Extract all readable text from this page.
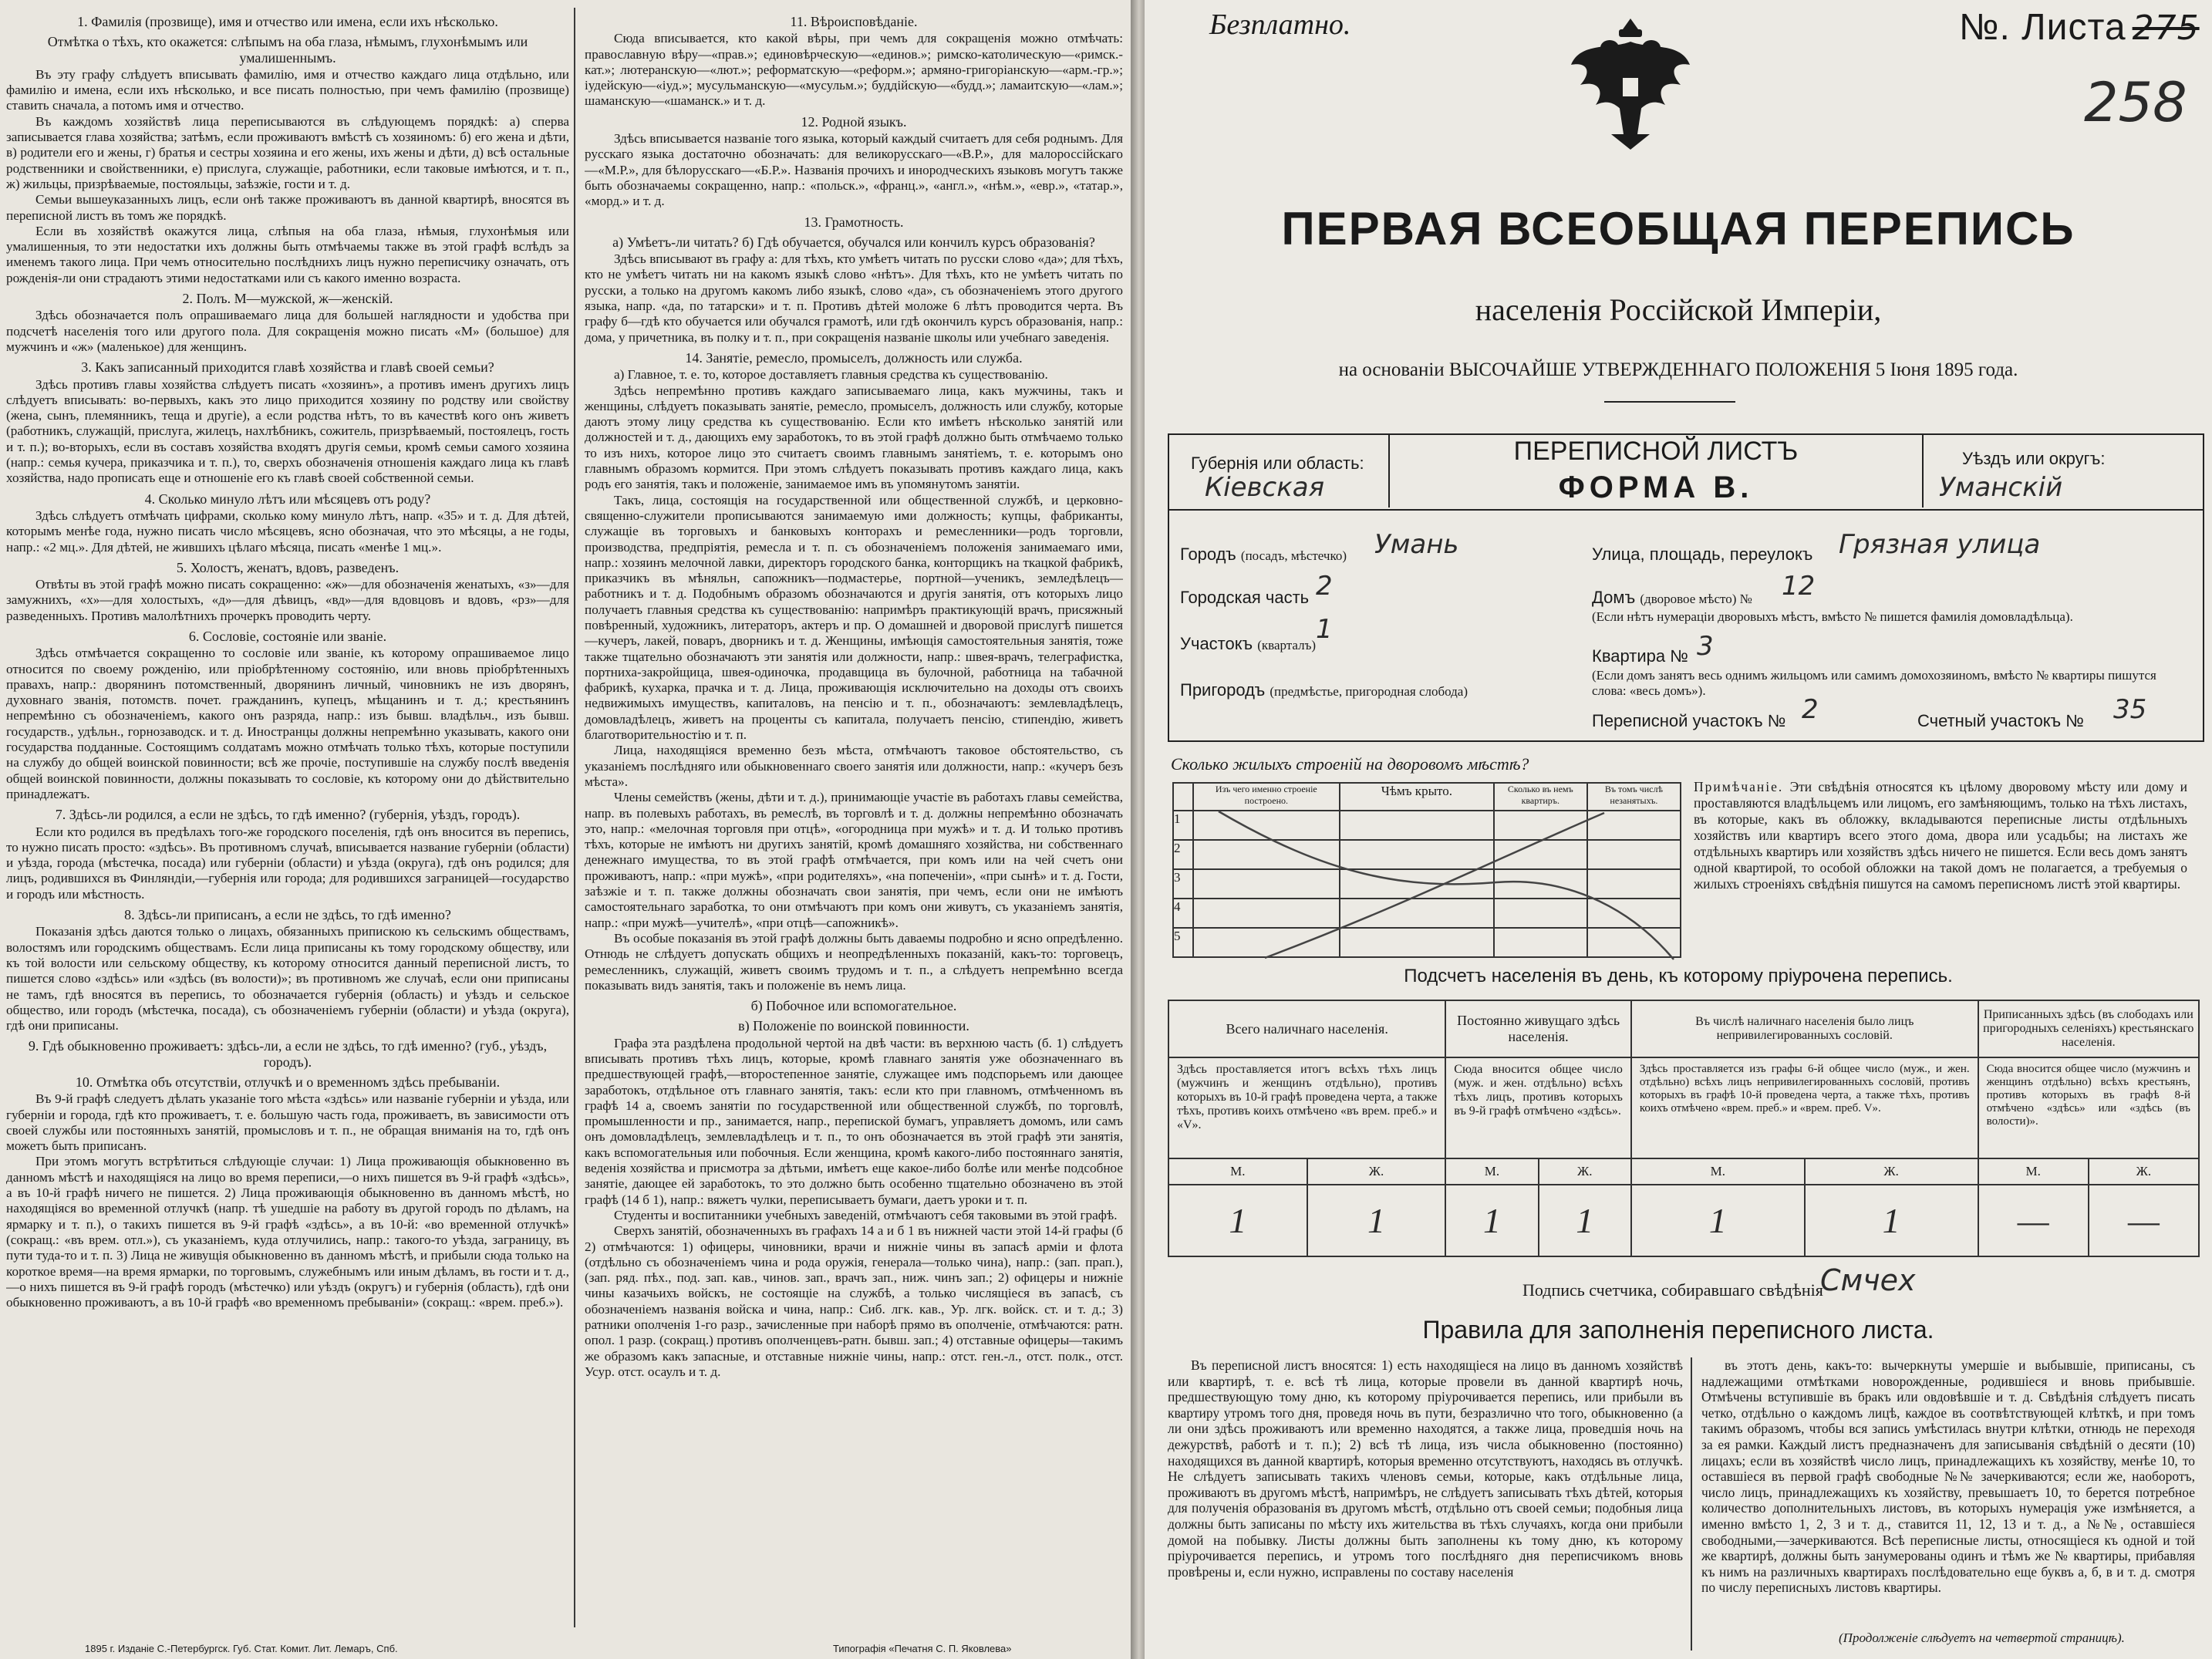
1. Фамилія (прозвище), имя и отчество или имена, если ихъ нѣсколько.
Отмѣтка о тѣхъ, кто окажется: слѣпымъ на оба глаза, нѣмымъ, глухонѣмымъ или умалишеннымъ.

Въ эту графу слѣдуетъ вписывать фамилію, имя и отчество каждаго лица отдѣльно, или фамилію и имена, если ихъ нѣсколько, и все писать полностью, при чемъ фамилію (прозвище) ставить сначала, а потомъ имя и отчество.

Въ каждомъ хозяйствѣ лица переписываются въ слѣдующемъ порядкѣ: а) сперва записывается глава хозяйства; затѣмъ, если проживаютъ вмѣстѣ съ хозяиномъ: б) его жена и дѣти, в) родители его и жены, г) братья и сестры хозяина и его жены, ихъ жены и дѣти, д) всѣ остальные родственники и свойственники, е) прислуга, служащіе, работники, если таковые имѣются, и т. п., ж) жильцы, призрѣваемые, постояльцы, заѣзжіе, гости и т. д.

Семьи вышеуказанныхъ лицъ, если онѣ также проживаютъ въ данной квартирѣ, вносятся въ переписной листъ въ томъ же порядкѣ.

Если въ хозяйствѣ окажутся лица, слѣпыя на оба глаза, нѣмыя, глухонѣмыя или умалишенныя, то эти недостатки ихъ должны быть отмѣчаемы также въ этой графѣ вслѣдъ за именемъ такого лица. При чемъ относительно послѣднихъ лицъ нужно переписчику означать, отъ рожденія-ли они страдаютъ этими недостатками или съ какого именно возраста.

2. Полъ. М—мужской, ж—женскій.

Здѣсь обозначается полъ опрашиваемаго лица для большей наглядности и удобства при подсчетѣ населенія того или другого пола. Для сокращенія можно писать «М» (большое) для мужчинъ и «ж» (маленькое) для женщинъ.

3. Какъ записанный приходится главѣ хозяйства и главѣ своей семьи?

Здѣсь противъ главы хозяйства слѣдуетъ писать «хозяинъ», а противъ именъ другихъ лицъ слѣдуетъ вписывать: во-первыхъ, какъ это лицо приходится хозяину по родству или свойству (жена, сынъ, племянникъ, теща и другіе), а если родства нѣтъ, то въ качествѣ кого онъ живетъ (работникъ, служащій, прислуга, жилецъ, нахлѣбникъ, сожитель, призрѣваемый, постоялецъ, гость и т. п.); во-вторыхъ, если въ составъ хозяйства входятъ другія семьи, кромѣ семьи самого хозяина (напр.: семья кучера, приказчика и т. п.), то, сверхъ обозначенія отношенія каждаго лица къ главѣ хозяйства, надо прописать еще и отношеніе его къ главѣ своей собственной семьи.

4. Сколько минуло лѣтъ или мѣсяцевъ отъ роду?

Здѣсь слѣдуетъ отмѣчать цифрами, сколько кому минуло лѣтъ, напр. «35» и т. д. Для дѣтей, которымъ менѣе года, нужно писать число мѣсяцевъ, ясно обозначая, что это мѣсяцы, а не годы, напр.: «2 мц.». Для дѣтей, не жившихъ цѣлаго мѣсяца, писать «менѣе 1 мц.».

5. Холостъ, женатъ, вдовъ, разведенъ.

Отвѣты въ этой графѣ можно писать сокращенно: «ж»—для обозначенія женатыхъ, «з»—для замужнихъ, «х»—для холостыхъ, «д»—для дѣвицъ, «вд»—для вдовцовъ и вдовъ, «рз»—для разведенныхъ. Противъ малолѣтнихъ прочеркъ проводить черту.

6. Сословіе, состояніе или званіе.

Здѣсь отмѣчается сокращенно то сословіе или званіе, къ которому опрашиваемое лицо относится по своему рожденію, или пріобрѣтенному состоянію, или вновь пріобрѣтенныхъ правахъ, напр.: дворянинъ потомственный, дворянинъ личный, чиновникъ не изъ дворянъ, духовнаго званія, потомств. почет. гражданинъ, купецъ, мѣщанинъ и т. д.; крестьянинъ непремѣнно съ обозначеніемъ, какого онъ разряда, напр.: изъ бывш. владѣльч., изъ бывш. государств., удѣльн., горнозаводск. и т. д. Иностранцы должны непремѣнно указывать, какого они государства подданные. Состоящимъ солдатамъ можно отмѣчать только тѣхъ, которые поступили на службу до общей воинской повинности; всѣ же прочіе, поступившіе на службу послѣ введенія общей воинской повинности, должны показывать то сословіе, къ которому они до дѣйствительно принадлежатъ.

7. Здѣсь-ли родился, а если не здѣсь, то гдѣ именно? (губернія, уѣздъ, городъ).

Если кто родился въ предѣлахъ того-же городского поселенія, гдѣ онъ вносится въ перепись, то нужно писать просто: «здѣсь». Въ противномъ случаѣ, вписывается название губерніи (области) и уѣзда, города (мѣстечка, посада) или губерніи (области) и уѣзда (округа), гдѣ онъ родился; для лицъ, родившихся въ Финляндіи,—губернія или города; для родившихся заграницей—государство и городъ или мѣстность.

8. Здѣсь-ли приписанъ, а если не здѣсь, то гдѣ именно?

Показанія здѣсь даются только о лицахъ, обязанныхъ припискою къ сельскимъ обществамъ, волостямъ или городскимъ обществамъ. Если лица приписаны къ тому городскому обществу, или къ той волости или сельскому обществу, къ которому относится данный переписной листъ, то пишется слово «здѣсь» или «здѣсь (въ волости)»; въ противномъ же случаѣ, если они приписаны не тамъ, гдѣ вносятся въ перепись, то обозначается губернія (область) и уѣздъ и сельское общество, или городъ (мѣстечка, посада), съ обозначеніемъ губерніи (области) и уѣзда (округа), гдѣ они приписаны.

9. Гдѣ обыкновенно проживаетъ: здѣсь-ли, а если не здѣсь, то гдѣ именно? (губ., уѣздъ, городъ).
10. Отмѣтка объ отсутствіи, отлучкѣ и о временномъ здѣсь пребываніи.

Въ 9-й графѣ следуетъ дѣлать указаніе того мѣста «здѣсь» или названіе губерніи и уѣзда, или губерніи и города, гдѣ кто проживаетъ, т. е. большую часть года, проживаетъ, въ зависимости отъ своей службы или постоянныхъ занятій, промысловъ и т. п., не обращая вниманія на то, гдѣ онъ можетъ быть приписанъ.

При этомъ могутъ встрѣтиться слѣдующіе случаи: 1) Лица проживающія обыкновенно въ данномъ мѣстѣ и находящіяся на лицо во время переписи,—о нихъ пишется въ 9-й графѣ «здѣсь», а въ 10-й графѣ ничего не пишется. 2) Лица проживающія обыкновенно въ данномъ мѣстѣ, но находящіяся во временной отлучкѣ (напр. тѣ ушедшіе на работу въ другой городъ по дѣламъ, на ярмарку и т. п.), о такихъ пишется въ 9-й графѣ «здѣсь», а въ 10-й: «во временной отлучкѣ» (сокращ.: «въ врем. отл.»), съ указаніемъ, куда отлучились, напр.: такого-то уѣзда, заграницу, въ пути туда-то и т. п. 3) Лица не живущія обыкновенно въ данномъ мѣстѣ, и прибыли сюда только на короткое время—на время ярмарки, по торговымъ, служебнымъ или иным дѣламъ, въ гости и т. д.,—о нихъ пишется въ 9-й графѣ городъ (мѣстечко) или уѣздъ (округъ) и губернія (область), гдѣ они обыкновенно проживаютъ, а въ 10-й графѣ «во временномъ пребываніи» (сокращ.: «врем. преб.»).

11. Вѣроисповѣданіе.

Сюда вписывается, кто какой вѣры, при чемъ для сокращенія можно отмѣчать: православную вѣру—«прав.»; единовѣрческую—«единов.»; римско-католическую—«римск.-кат.»; лютеранскую—«лют.»; реформатскую—«реформ.»; армяно-григоріанскую—«арм.-гр.»; іудейскую—«іуд.»; мусульманскую—«мусульм.»; буддійскую—«будд.»; ламаитскую—«лам.»; шаманскую—«шаманск.» и т. д.

12. Родной языкъ.

Здѣсь вписывается названіе того языка, который каждый считаетъ для себя роднымъ. Для русскаго языка достаточно обозначать: для великорусскаго—«В.Р.», для малороссійскаго—«М.Р.», для бѣлорусскаго—«Б.Р.». Названія прочихъ и инородческихъ языковъ могутъ также быть обозначаемы сокращенно, напр.: «польск.», «франц.», «англ.», «нѣм.», «евр.», «татар.», «морд.» и т. д.

13. Грамотность.
а) Умѣетъ-ли читать? б) Гдѣ обучается, обучался или кончилъ курсъ образованія?

Здѣсь вписывают въ графу а: для тѣхъ, кто умѣетъ читать по русски слово «да»; для тѣхъ, кто не умѣетъ читать ни на какомъ языкѣ слово «нѣтъ». Для тѣхъ, кто не умѣетъ читать по русски, а только на другомъ какомъ либо языкѣ, слово «да», съ обозначеніемъ этого другого языка, напр. «да, по татарски» и т. п. Противъ дѣтей моложе 6 лѣтъ проводится черта. Въ графу б—гдѣ кто обучается или обучался грамотѣ, или гдѣ окончилъ курсъ образованія, напр.: дома, у причетника, въ полку и т. п., при сокращенія названіе школы или учебнаго заведенія.

14. Занятіе, ремесло, промыселъ, должность или служба.

а) Главное, т. е. то, которое доставляетъ главныя средства къ существованію.

Здѣсь непремѣнно противъ каждаго записываемаго лица, какъ мужчины, такъ и женщины, слѣдуетъ показывать занятіе, ремесло, промыселъ, должность или службу, которые даютъ этому лицу средства къ существованію. Если кто имѣетъ нѣсколько занятій или должностей и т. д., дающихъ ему заработокъ, то въ этой графѣ должно быть отмѣчаемо только то изъ нихъ, которое лицо это считаетъ своимъ главнымъ занятіемъ, т. е. которымъ оно главнымъ образомъ кормится. При этомъ слѣдуетъ показывать противъ каждаго лица, какъ родъ его занятія, такъ и положеніе, занимаемое имъ въ упомянутомъ занятіи.

Такъ, лица, состоящія на государственной или общественной службѣ, и церковно-священно-служители прописываются занимаемую ими должность; купцы, фабриканты, служащіе въ торговыхъ и банковыхъ конторахъ и ремесленники—родъ торговли, производства, предпріятія, ремесла и т. п. съ обозначеніемъ положенія занимаемаго ими, напр.: хозяинъ мелочной лавки, директоръ городского банка, конторщикъ на ткацкой фабрикѣ, приказчикъ въ мѣняльн, сапожникъ—подмастерье, портной—ученикъ, земледѣлецъ—работникъ и т. д. Подобнымъ образомъ обозначаются и другія занятія, отъ которыхъ лицо получаетъ главныя средства къ существованію: напримѣръ практикующій врачъ, присяжный повѣренный, художникъ, литераторъ, актеръ и пр. О домашней и дворовой прислугѣ пишется—кучеръ, лакей, поваръ, дворникъ и т. д. Женщины, имѣющія самостоятельныя занятія, тоже также тщательно обозначаютъ эти занятія или должности, напр.: швея-врачъ, телеграфистка, портниха-закройщица, швея-одиночка, продавщица въ булочной, работница на табачной фабрикѣ, кухарка, прачка и т. д. Лица, проживающія исключительно на доходы отъ своихъ недвижимыхъ имуществъ, капиталовъ, на пенсію и т. п., обозначаютъ: землевладѣлецъ, домовладѣлецъ, живетъ на проценты съ капитала, получаетъ пенсію, стипендію, живетъ благотворительностію и т. п.

Лица, находящіяся временно безъ мѣста, отмѣчаютъ таковое обстоятельство, съ указаніемъ послѣдняго или обыкновеннаго своего занятія или должности, напр.: «кучеръ безъ мѣста».

Члены семействъ (жены, дѣти и т. д.), принимающіе участіе въ работахъ главы семейства, напр. въ полевыхъ работахъ, въ ремеслѣ, въ торговлѣ и т. д. должны непремѣнно обозначать это, напр.: «мелочная торговля при отцѣ», «огородница при мужѣ» и т. д. И только противъ тѣхъ, которые не имѣютъ ни другихъ занятій, кромѣ домашняго хозяйства, ни собственнаго денежнаго имущества, то въ этой графѣ отмѣчается, при комъ или на чей счетъ они проживаютъ, напр.: «при мужѣ», «при родителяхъ», «на попеченіи», «при сынѣ» и т. д. Гости, заѣзжіе и т. п. также должны обозначать свои занятія, при чемъ, если они не имѣютъ самостоятельнаго заработка, то они отмѣчаютъ при комъ они живутъ, съ указаніемъ занятія, напр.: «при мужѣ—учителѣ», «при отцѣ—сапожникѣ».

Въ особые показанія въ этой графѣ должны быть даваемы подробно и ясно опредѣленно. Отнюдь не слѣдуетъ допускать общихъ и неопредѣленныхъ показаній, какъ-то: торговецъ, ремесленникъ, служащій, живетъ своимъ трудомъ и т. п., а слѣдуетъ непремѣнно всегда показывать видъ занятія, такъ и положеніе въ немъ лица.

б) Побочное или вспомогательное.
в) Положеніе по воинской повинности.

Графа эта раздѣлена продольной чертой на двѣ части: въ верхнюю часть (б. 1) слѣдуетъ вписывать противъ тѣхъ лицъ, которые, кромѣ главнаго занятія уже обозначеннаго въ предшествующей графѣ,—второстепенное занятіе, служащее имъ подспорьемъ или дающее заработокъ, отдѣльное отъ главнаго занятія, такъ: если кто при главномъ, отмѣченномъ въ графѣ 14 а, своемъ занятіи по государственной или общественной службѣ, по торговлѣ, промышленности и пр., занимается, напр., перепиской бумагъ, управляетъ домомъ, или самъ онъ домовладѣлецъ, землевладѣлецъ и т. п., то онъ обозначается въ этой графѣ эти занятія, какъ вспомогательныя или побочныя. Если женщина, кромѣ какого-либо постояннаго занятія, веденія хозяйства и присмотра за дѣтьми, имѣетъ еще какое-либо болѣе или менѣе подсобное занятіе, дающее ей заработокъ, то это должно быть особенно тщательно обозначено въ этой графѣ (14 б 1), напр.: вяжетъ чулки, переписываетъ бумаги, даетъ уроки и т. п.

Студенты и воспитанники учебныхъ заведеній, отмѣчаютъ себя таковыми въ этой графѣ.

Сверхъ занятій, обозначенныхъ въ графахъ 14 а и б 1 въ нижней части этой 14-й графы (б 2) отмѣчаются: 1) офицеры, чиновники, врачи и нижніе чины въ запасѣ арміи и флота (отдѣльно съ обозначеніемъ чина и рода оружія, генерала—только чина), напр.: (зап. прап.), (зап. ряд. пѣх., под. зап. кав., чинов. зап., врачъ зап., ниж. чинъ зап.; 2) офицеры и нижніе чины казачьихъ войскъ, не состоящіе на службѣ, а только числящіеся въ запасѣ, съ обозначеніемъ названія войска и чина, напр.: Сиб. лгк. кав., Ур. лгк. войск. ст. и т. д.; 3) ратники ополченія 1-го разр., зачисленные при наборѣ прямо въ ополченіе, отмѣчаются: ратн. опол. 1 разр. (сокращ.) противъ ополченцевъ-ратн. бывш. зап.; 4) отставные офицеры—такимъ же образомъ какъ запасные, и отставные нижніе чины, напр.: отст. ген.-л., отст. полк., отст. Усур. отст. осаулъ и т. д.

1895 г. Изданіе С.-Петербургск. Губ. Стат. Комит. Лит. Лемаръ, Спб.	Типографія «Печатня С. П. Яковлева»
Безплатно.	№. Листа 275
258
ПЕРВАЯ ВСЕОБЩАЯ ПЕРЕПИСЬ
населенія Россійской Имперіи,
на основаніи ВЫСОЧАЙШЕ УТВЕРЖДЕННАГО ПОЛОЖЕНІЯ 5 Іюня 1895 года.
Губернія или область:
Кіевская
ПЕРЕПИСНОЙ ЛИСТЪ
ФОРМА В.
Уѣздъ или округъ:
Уманскій
Городъ (посадъ, мѣстечко) Умань
Городская часть 2
Участокъ (кварталъ)
1
Пригородъ (предмѣстье, пригородная слобода)
Улица, площадь, переулокъ Грязная улица
Домъ (дворовое мѣсто) № 12
(Если нѣтъ нумераціи дворовыхъ мѣстъ, вмѣсто № пишется фамилія домовладѣльца).
Квартира № 3
(Если домъ занятъ весь однимъ жильцомъ или самимъ домохозяиномъ, вмѣсто № квартиры пишутся слова: «весь домъ»).
Переписной участокъ № 2	Счетный участокъ № 35
Сколько жилыхъ строеній на дворовомъ мѣстѣ?
	Изъ чего именно строеніе построено.	Чѣмъ крыто.	Сколько въ немъ квартиръ.	Въ томъ числѣ незанятыхъ.
1				
2				
3				
4				
5				
Примѣчаніе. Эти свѣдѣнія относятся къ цѣлому дворовому мѣсту или дому и проставляются владѣльцемъ или лицомъ, его замѣняющимъ, только на тѣхъ листахъ, въ которые, какъ въ обложку, вкладываются переписные листы отдѣльныхъ хозяйствъ или квартиръ всего этого дома, двора или усадьбы; на листахъ же отдѣльныхъ квартиръ или хозяйствъ здѣсь ничего не пишется. Если весь домъ занятъ одной квартирой, то особой обложки на такой домъ не полагается, а требуемыя о жилыхъ строеніяхъ свѣдѣнія пишутся на самомъ переписномъ листѣ этой квартиры.
Подсчетъ населенія въ день, къ которому пріурочена перепись.
Всего наличнаго населенія.		Постоянно живущаго здѣсь населенія.		Въ числѣ наличнаго населенія было лицъ непривилегированныхъ сословій.		Приписанныхъ здѣсь (въ слободахъ или пригородныхъ селеніяхъ) крестьянскаго населенія.	
Здѣсь проставляется итогъ всѣхъ тѣхъ лицъ (мужчинъ и женщинъ отдѣльно), противъ которыхъ въ 10-й графѣ проведена черта, а также тѣхъ, противъ коихъ отмѣчено «въ врем. преб.» и «V».		Сюда вносится общее число (муж. и жен. отдѣльно) всѣхъ тѣхъ лицъ, противъ которыхъ въ 9-й графѣ отмѣчено «здѣсь».		Здѣсь проставляется изъ графы 6-й общее число (муж., и жен. отдѣльно) всѣхъ лицъ непривилегированныхъ сословій, противъ которыхъ въ графѣ 10-й проведена черта, а также тѣхъ, противъ коихъ отмѣчено «врем. преб.» и «врем. преб. V».		Сюда вносится общее число (мужчинъ и женщинъ отдѣльно) всѣхъ крестьянъ, противъ которыхъ въ графѣ 8-й отмѣчено «здѣсь» или «здѣсь (въ волости)».	
М.	Ж.	М.	Ж.	М.	Ж.	М.	Ж.
1	1	1	1	1	1	—	—
Подпись счетчика, собиравшаго свѣдѣнія
Смчех
Правила для заполненія переписного листа.

Въ переписной листъ вносятся: 1) есть находящіеся на лицо въ данномъ хозяйствѣ или квартирѣ, т. е. всѣ тѣ лица, которые провели въ данной квартирѣ ночь, предшествующую тому дню, къ которому пріурочивается перепись, или прибыли въ квартиру утромъ того дня, проведя ночь въ пути, безразлично что того, обыкновенно (а ли они здѣсь проживаютъ или временно находятся, а также лица, проведшія ночь на дежурствѣ, работѣ и т. п.); 2) всѣ тѣ лица, изъ числа обыкновенно (постоянно) находящихся въ данной квартирѣ, которыя временно отсутствуютъ, находясь въ отлучкѣ. Не слѣдуетъ записывать такихъ членовъ семьи, которые, какъ отдѣльные лица, проживаютъ въ другомъ мѣстѣ, напримѣръ, не слѣдуетъ записывать тѣхъ дѣтей, которыя для полученія образованія въ другомъ мѣстѣ, отдѣльно отъ своей семьи; подобныя лица должны быть записаны по мѣсту ихъ жительства въ тѣхъ случаяхъ, когда они прибыли домой на побывку. Листы должны быть заполнены къ тому дню, къ которому пріурочивается перепись, и утромъ того послѣдняго дня переписчикомъ вновь провѣрены и, если нужно, исправлены по составу населенія

въ этотъ день, какъ-то: вычеркнуты умершіе и выбывшіе, приписаны, съ надлежащими отмѣтками новорожденные, родившіеся и вновь прибывшіе. Отмѣчены вступившіе въ бракъ или овдовѣвшіе и т. д. Свѣдѣнія слѣдуетъ писать четко, отдѣльно о каждомъ лицѣ, каждое въ соотвѣтствующей клѣткѣ, и при томъ такимъ образомъ, чтобы вся запись умѣстилась внутри клѣтки, отнюдь не переходя за ея рамки. Каждый листъ предназначенъ для записыванія свѣдѣній о десяти (10) лицахъ; если въ хозяйствѣ число лицъ, принадлежащихъ къ хозяйству, менѣе 10, то оставшіеся въ первой графѣ свободные №№ зачеркиваются; если же, наоборотъ, число лицъ, принадлежащихъ къ хозяйству, превышаетъ 10, то берется потребное количество дополнительныхъ листовъ, въ которыхъ нумерація уже измѣняется, а именно вмѣсто 1, 2, 3 и т. д., ставится 11, 12, 13 и т. д., а №№, оставшіеся свободными,—зачеркиваются. Всѣ переписные листы, относящіеся къ одной и той же квартирѣ, должны быть занумерованы одинъ и тѣмъ же № квартиры, прибавляя къ нимъ на различныхъ квартирахъ послѣдовательно еще буквъ а, б, в и т. д. смотря по числу переписныхъ листовъ квартиры.

(Продолженіе слѣдуетъ на четвертой страницѣ).
